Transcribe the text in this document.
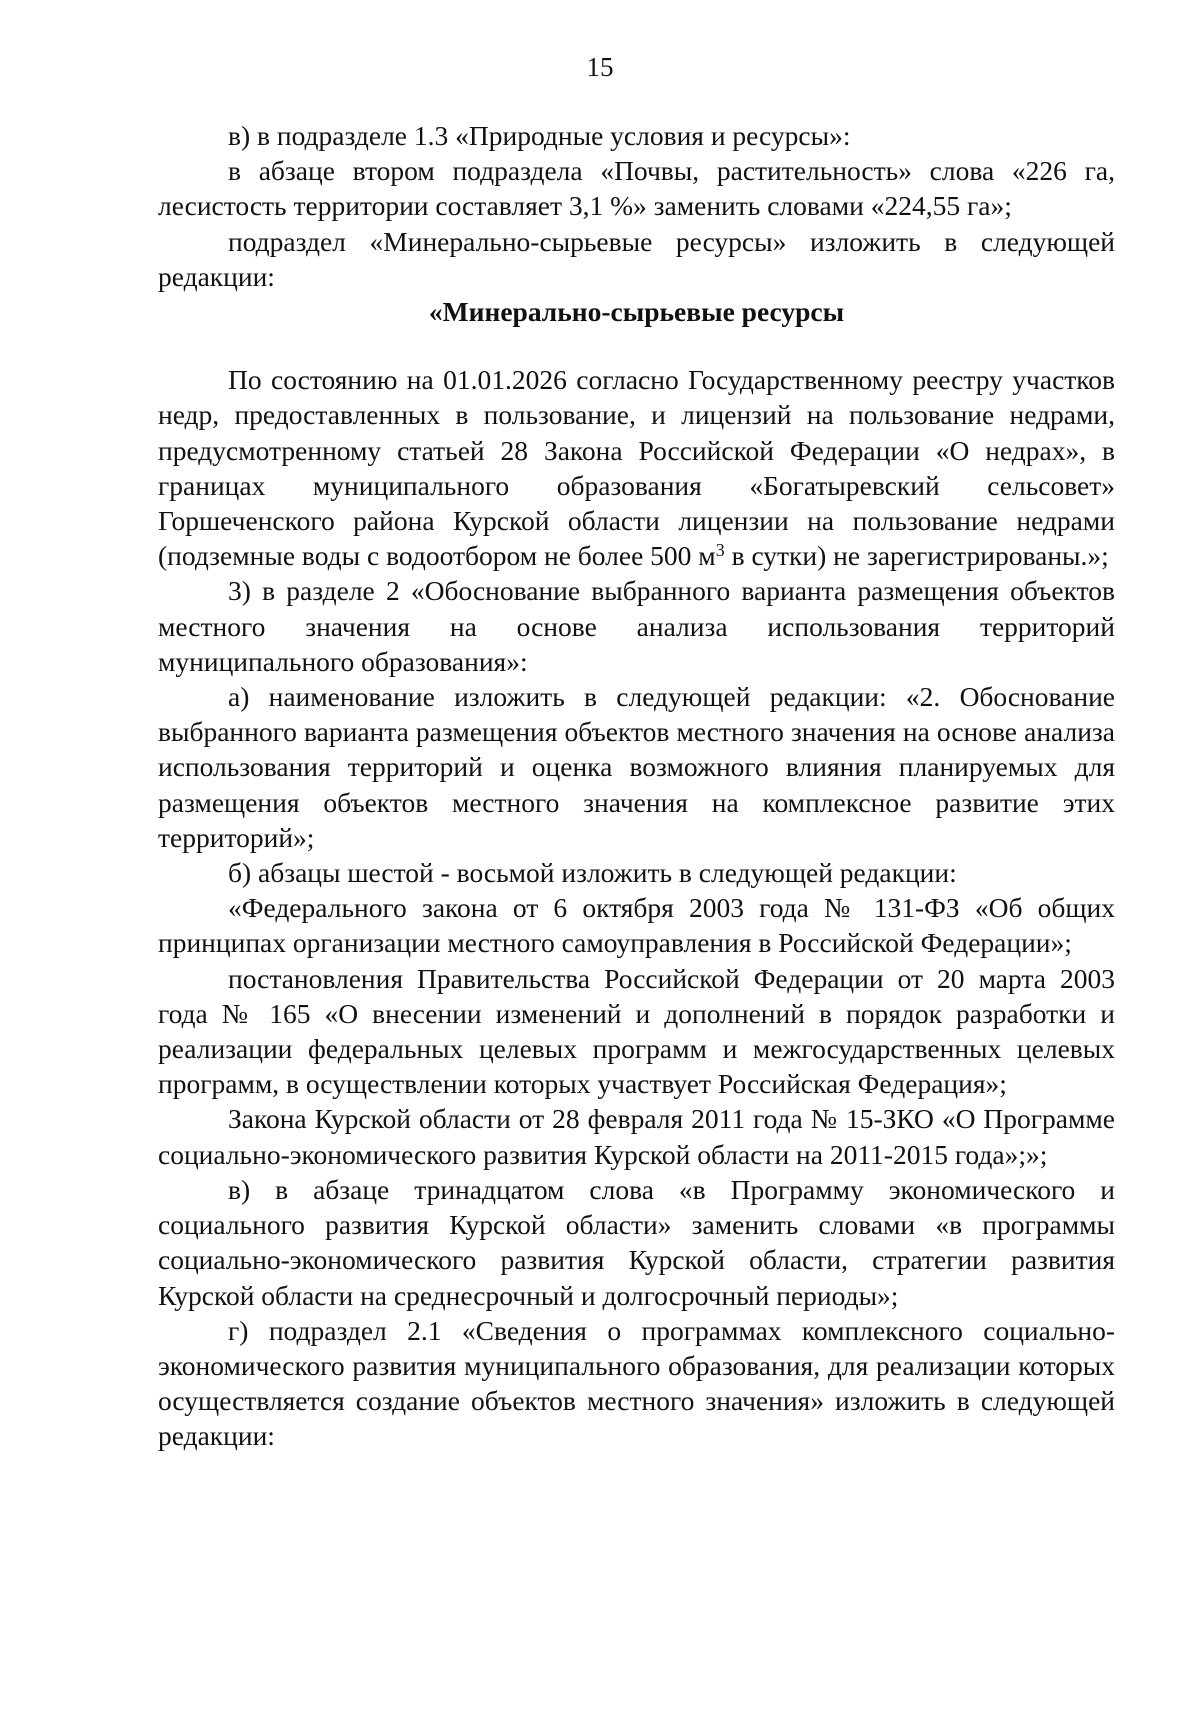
15

в) в подразделе 1.3 «Природные условия и ресурсы»:

в абзаце втором подраздела «Почвы, растительность» слова «226 га, лесистость территории составляет 3,1 %» заменить словами «224,55 га»;

подраздел «Минерально-сырьевые ресурсы» изложить в следующей редакции:

«Минерально-сырьевые ресурсы

По состоянию на 01.01.2026 согласно Государственному реестру участков недр, предоставленных в пользование, и лицензий на пользование недрами, предусмотренному статьей 28 Закона Российской Федерации «О недрах», в границах муниципального образования «Богатыревский сельсовет» Горшеченского района Курской области лицензии на пользование недрами (подземные воды с водоотбором не более 500 $м^3$ в сутки) не зарегистрированы.»;

3) в разделе 2 «Обоснование выбранного варианта размещения объектов местного значения на основе анализа использования территорий муниципального образования»:

а) наименование изложить в следующей редакции: «2. Обоснование выбранного варианта размещения объектов местного значения на основе анализа использования территорий и оценка возможного влияния планируемых для размещения объектов местного значения на комплексное развитие этих территорий»;

б) абзацы шестой - восьмой изложить в следующей редакции:

«Федерального закона от 6 октября 2003 года № 131-ФЗ «Об общих принципах организации местного самоуправления в Российской Федерации»;

постановления Правительства Российской Федерации от 20 марта 2003 года № 165 «О внесении изменений и дополнений в порядок разработки и реализации федеральных целевых программ и межгосударственных целевых программ, в осуществлении которых участвует Российская Федерация»;

Закона Курской области от 28 февраля 2011 года № 15-ЗКО «О Программе социально-экономического развития Курской области на 2011-2015 года»;»;

в) в абзаце тринадцатом слова «в Программу экономического и социального развития Курской области» заменить словами «в программы социально-экономического развития Курской области, стратегии развития Курской области на среднесрочный и долгосрочный периоды»;

г) подраздел 2.1 «Сведения о программах комплексного социально-экономического развития муниципального образования, для реализации которых осуществляется создание объектов местного значения» изложить в следующей редакции:
